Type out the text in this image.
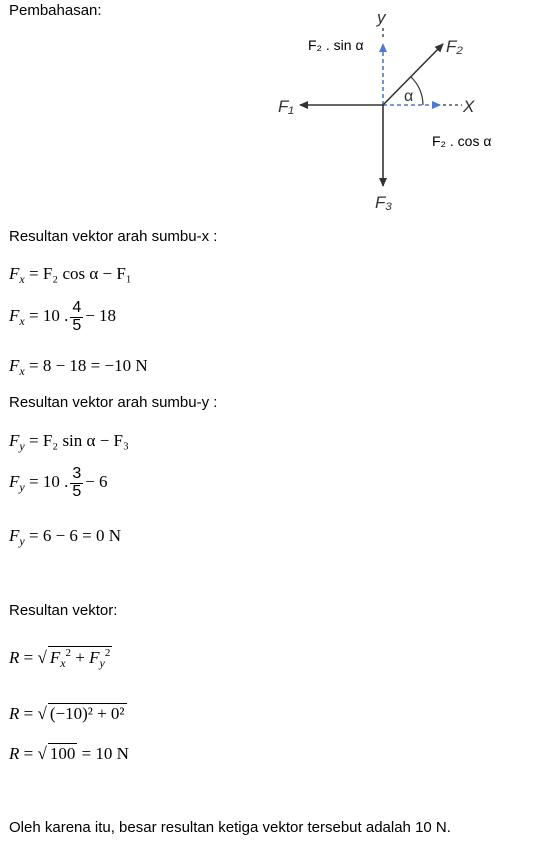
Pembahasan:	y
X
F₁
F₂
F₃
α
F₂ . sin α
F₂ . cos α
Resultan vektor arah sumbu-x :
$F_x = F_2$ cos α − F₁
$F_x = 10$ . $\frac{4}{5} - 18$
$F_x = 8 - 18 = -10$ N
Resultan vektor arah sumbu-y :
$F_y = F_2$ sin α − F₃
$F_y = 10$ . $\frac{3}{5} - 6$
$F_y = 6 - 6 = 0$ N
Resultan vektor:
R = √ $F_x^2 + F_y^2$
R = √ (−10)² + 0²
R = √ 100 = 10 N
Oleh karena itu, besar resultan ketiga vektor tersebut adalah 10 N.
